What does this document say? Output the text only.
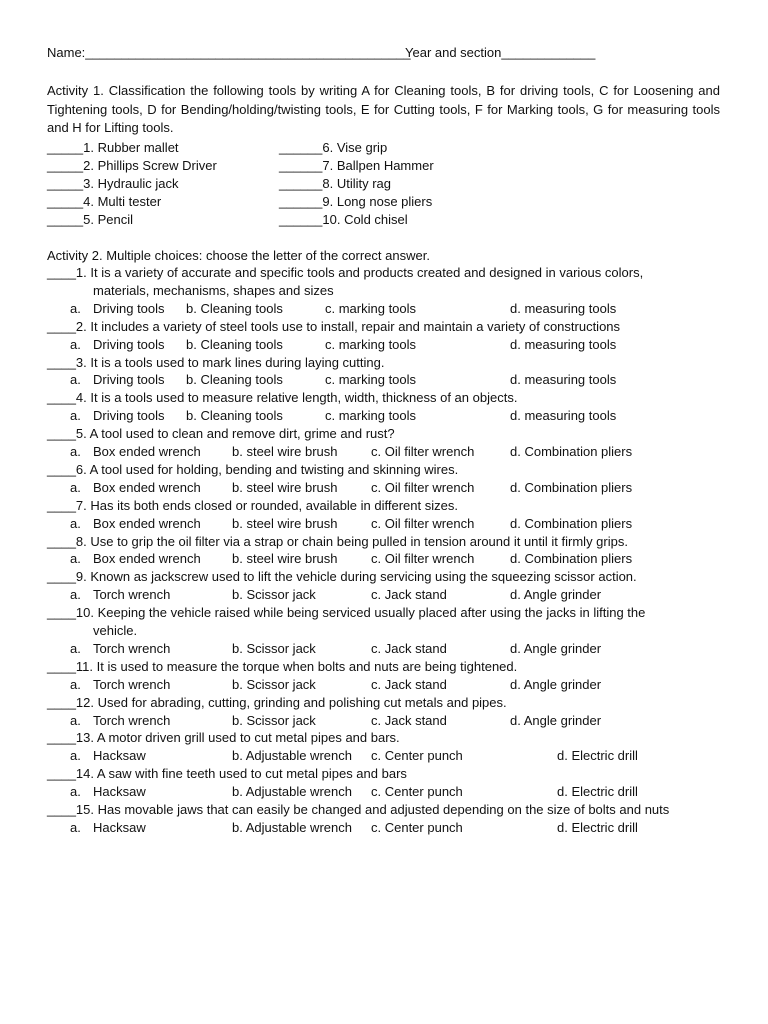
Name:_____________________________________________
Year and section_____________
Activity 1. Classification the following tools by writing A for Cleaning tools, B for driving tools, C for Loosening and Tightening tools, D for Bending/holding/twisting tools, E for Cutting tools, F for Marking tools, G for measuring tools and H for Lifting tools.
_____1. Rubber mallet
_____2. Phillips Screw Driver
_____3. Hydraulic jack
_____4. Multi tester
_____5. Pencil
______6. Vise grip
______7. Ballpen Hammer
______8. Utility rag
______9. Long nose pliers
______10. Cold chisel
Activity 2. Multiple choices: choose the letter of the correct answer.
____1. It is a variety of accurate and specific tools and products created and designed in various colors,
materials, mechanisms, shapes and sizes
a. Driving tools b. Cleaning tools	c. marking tools	d. measuring tools
____2. It includes a variety of steel tools use to install, repair and maintain a variety of constructions
a. Driving tools b. Cleaning tools	c. marking tools	d. measuring tools
____3. It is a tools used to mark lines during laying cutting.
a. Driving tools b. Cleaning tools	c. marking tools	d. measuring tools
____4. It is a tools used to measure relative length, width, thickness of an objects.
a. Driving tools b. Cleaning tools	c. marking tools	d. measuring tools
____5. A tool used to clean and remove dirt, grime and rust?
a. Box ended wrench b. steel wire brush	c. Oil filter wrench	d. Combination pliers
____6. A tool used for holding, bending and twisting and skinning wires.
a. Box ended wrench b. steel wire brush	c. Oil filter wrench	d. Combination pliers
____7. Has its both ends closed or rounded, available in different sizes.
a. Box ended wrench b. steel wire brush	c. Oil filter wrench	d. Combination pliers
____8. Use to grip the oil filter via a strap or chain being pulled in tension around it until it firmly grips.
a. Box ended wrench b. steel wire brush	c. Oil filter wrench	d. Combination pliers
____9. Known as jackscrew used to lift the vehicle during servicing using the squeezing scissor action.
a. Torch wrench	b. Scissor jack	c. Jack stand	d. Angle grinder
____10. Keeping the vehicle raised while being serviced usually placed after using the jacks in lifting the
vehicle.
a. Torch wrench	b. Scissor jack	c. Jack stand	d. Angle grinder
____11. It is used to measure the torque when bolts and nuts are being tightened.
a. Torch wrench	b. Scissor jack	c. Jack stand	d. Angle grinder
____12. Used for abrading, cutting, grinding and polishing cut metals and pipes.
a. Torch wrench	b. Scissor jack	c. Jack stand	d. Angle grinder
____13. A motor driven grill used to cut metal pipes and bars.
a. Hacksaw	b. Adjustable wrench c. Center punch	d. Electric drill
____14. A saw with fine teeth used to cut metal pipes and bars
a. Hacksaw	b. Adjustable wrench c. Center punch	d. Electric drill
____15. Has movable jaws that can easily be changed and adjusted depending on the size of bolts and nuts
a. Hacksaw	b. Adjustable wrench c. Center punch	d. Electric drill
